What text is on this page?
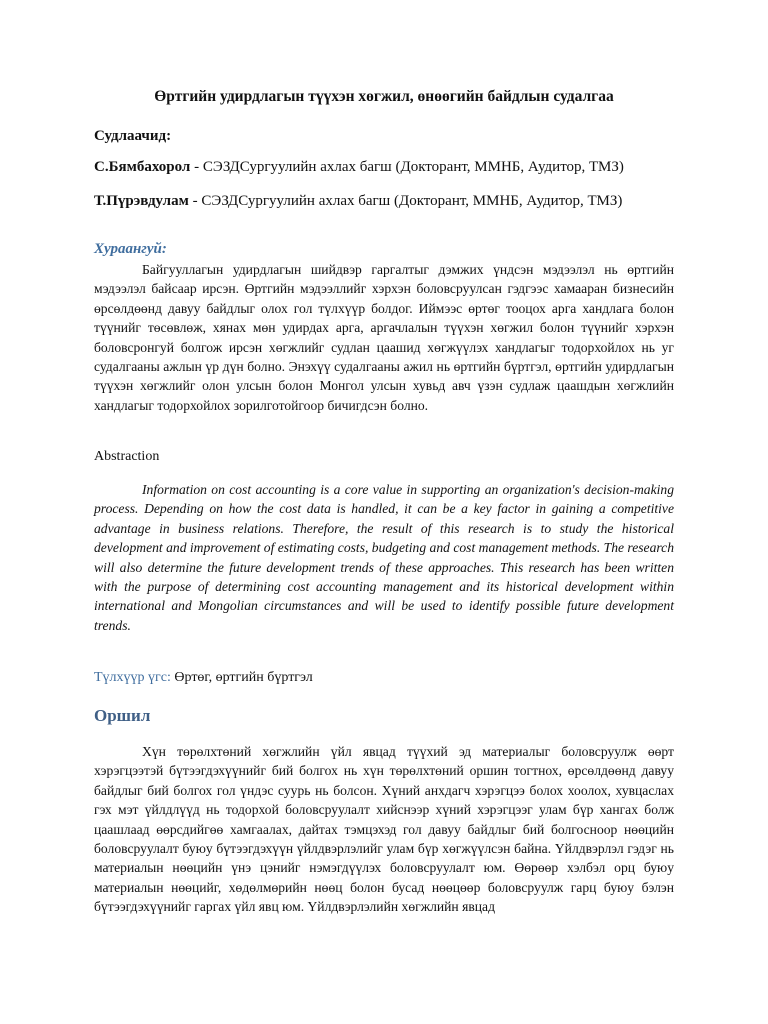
Өртгийн удирдлагын түүхэн хөгжил, өнөөгийн байдлын судалгаа
Судлаачид:
С.Бямбахорол - СЭЗДСургуулийн ахлах багш (Докторант, ММНБ, Аудитор, ТМЗ)
Т.Пүрэвдулам - СЭЗДСургуулийн ахлах багш (Докторант, ММНБ, Аудитор, ТМЗ)
Хураангуй:

Байгууллагын удирдлагын шийдвэр гаргалтыг дэмжих үндсэн мэдээлэл нь өртгийн мэдээлэл байсаар ирсэн. Өртгийн мэдээллийг хэрхэн боловсруулсан гэдгээс хамааран бизнесийн өрсөлдөөнд давуу байдлыг олох гол түлхүүр болдог. Иймээс өртөг тооцох арга хандлага болон түүнийг төсөвлөж, хянах мөн удирдах арга, аргачлалын түүхэн хөгжил болон түүнийг хэрхэн боловсронгуй болгож ирсэн хөгжлийг судлан цаашид хөгжүүлэх хандлагыг тодорхойлох нь уг судалгааны ажлын үр дүн болно. Энэхүү судалгааны ажил нь өртгийн бүртгэл, өртгийн удирдлагын түүхэн хөгжлийг олон улсын болон Монгол улсын хувьд авч үзэн судлаж цаашдын хөгжлийн хандлагыг тодорхойлох зорилготойгоор бичигдсэн болно.

Abstraction

Information on cost accounting is a core value in supporting an organization's decision-making process. Depending on how the cost data is handled, it can be a key factor in gaining a competitive advantage in business relations. Therefore, the result of this research is to study the historical development and improvement of estimating costs, budgeting and cost management methods. The research will also determine the future development trends of these approaches. This research has been written with the purpose of determining cost accounting management and its historical development within international and Mongolian circumstances and will be used to identify possible future development trends.

Түлхүүр үгс: Өртөг, өртгийн бүртгэл
Оршил

Хүн төрөлхтөний хөгжлийн үйл явцад түүхий эд материалыг боловсруулж өөрт хэрэгцээтэй бүтээгдэхүүнийг бий болгох нь хүн төрөлхтөний оршин тогтнох, өрсөлдөөнд давуу байдлыг бий болгох гол үндэс суурь нь болсон. Хүний анхдагч хэрэгцээ болох хоолох, хувцаслах гэх мэт үйлдлүүд нь тодорхой боловсруулалт хийснээр хүний хэрэгцээг улам бүр хангах болж цаашлаад өөрсдийгөө хамгаалах, дайтах тэмцэхэд гол давуу байдлыг бий болгосноор нөөцийн боловсруулалт буюу бүтээгдэхүүн үйлдвэрлэлийг улам бүр хөгжүүлсэн байна. Үйлдвэрлэл гэдэг нь материалын нөөцийн үнэ цэнийг нэмэгдүүлэх боловсруулалт юм. Өөрөөр хэлбэл орц буюу материалын нөөцийг, хөдөлмөрийн нөөц болон бусад нөөцөөр боловсруулж гарц буюу бэлэн бүтээгдэхүүнийг гаргах үйл явц юм. Үйлдвэрлэлийн хөгжлийн явцад
